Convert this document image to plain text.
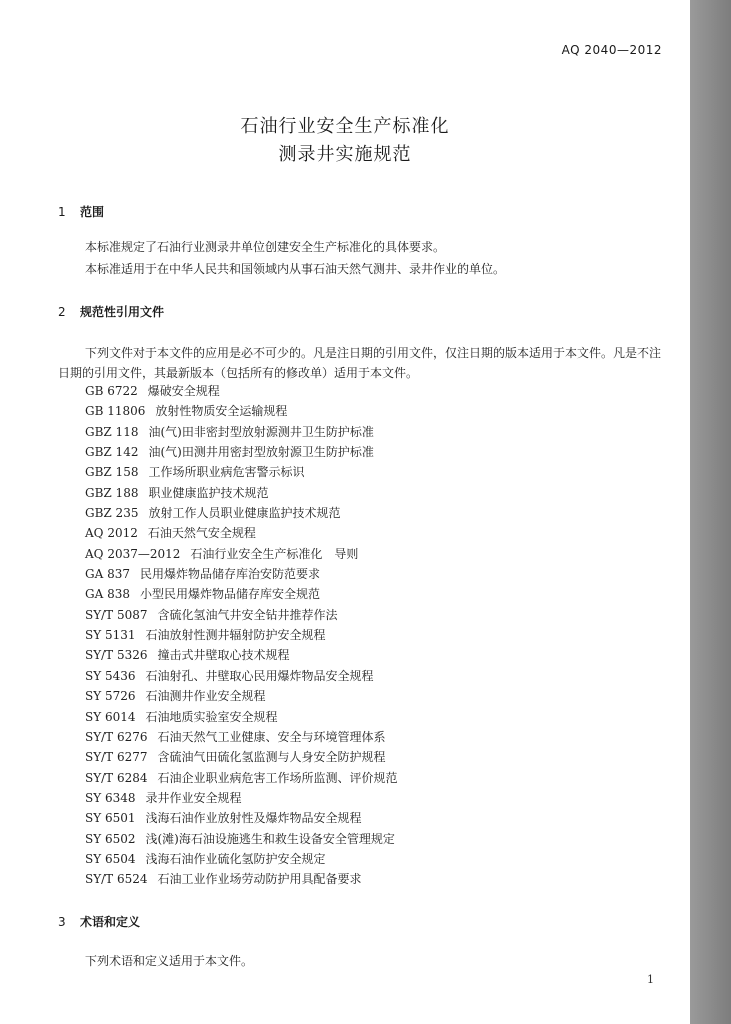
AQ 2040—2012
石油行业安全生产标准化
测录井实施规范
1 范围
本标准规定了石油行业测录井单位创建安全生产标准化的具体要求。
本标准适用于在中华人民共和国领域内从事石油天然气测井、录井作业的单位。
2 规范性引用文件
下列文件对于本文件的应用是必不可少的。凡是注日期的引用文件，仅注日期的版本适用于本文件。凡是不注日期的引用文件，其最新版本（包括所有的修改单）适用于本文件。
GB 6722 爆破安全规程
GB 11806 放射性物质安全运输规程
GBZ 118 油(气)田非密封型放射源测井卫生防护标准
GBZ 142 油(气)田测井用密封型放射源卫生防护标准
GBZ 158 工作场所职业病危害警示标识
GBZ 188 职业健康监护技术规范
GBZ 235 放射工作人员职业健康监护技术规范
AQ 2012 石油天然气安全规程
AQ 2037—2012 石油行业安全生产标准化　导则
GA 837 民用爆炸物品储存库治安防范要求
GA 838 小型民用爆炸物品储存库安全规范
SY/T 5087 含硫化氢油气井安全钻井推荐作法
SY 5131 石油放射性测井辐射防护安全规程
SY/T 5326 撞击式井壁取心技术规程
SY 5436 石油射孔、井壁取心民用爆炸物品安全规程
SY 5726 石油测井作业安全规程
SY 6014 石油地质实验室安全规程
SY/T 6276 石油天然气工业健康、安全与环境管理体系
SY/T 6277 含硫油气田硫化氢监测与人身安全防护规程
SY/T 6284 石油企业职业病危害工作场所监测、评价规范
SY 6348 录井作业安全规程
SY 6501 浅海石油作业放射性及爆炸物品安全规程
SY 6502 浅(滩)海石油设施逃生和救生设备安全管理规定
SY 6504 浅海石油作业硫化氢防护安全规定
SY/T 6524 石油工业作业场劳动防护用具配备要求
3 术语和定义
下列术语和定义适用于本文件。
1
